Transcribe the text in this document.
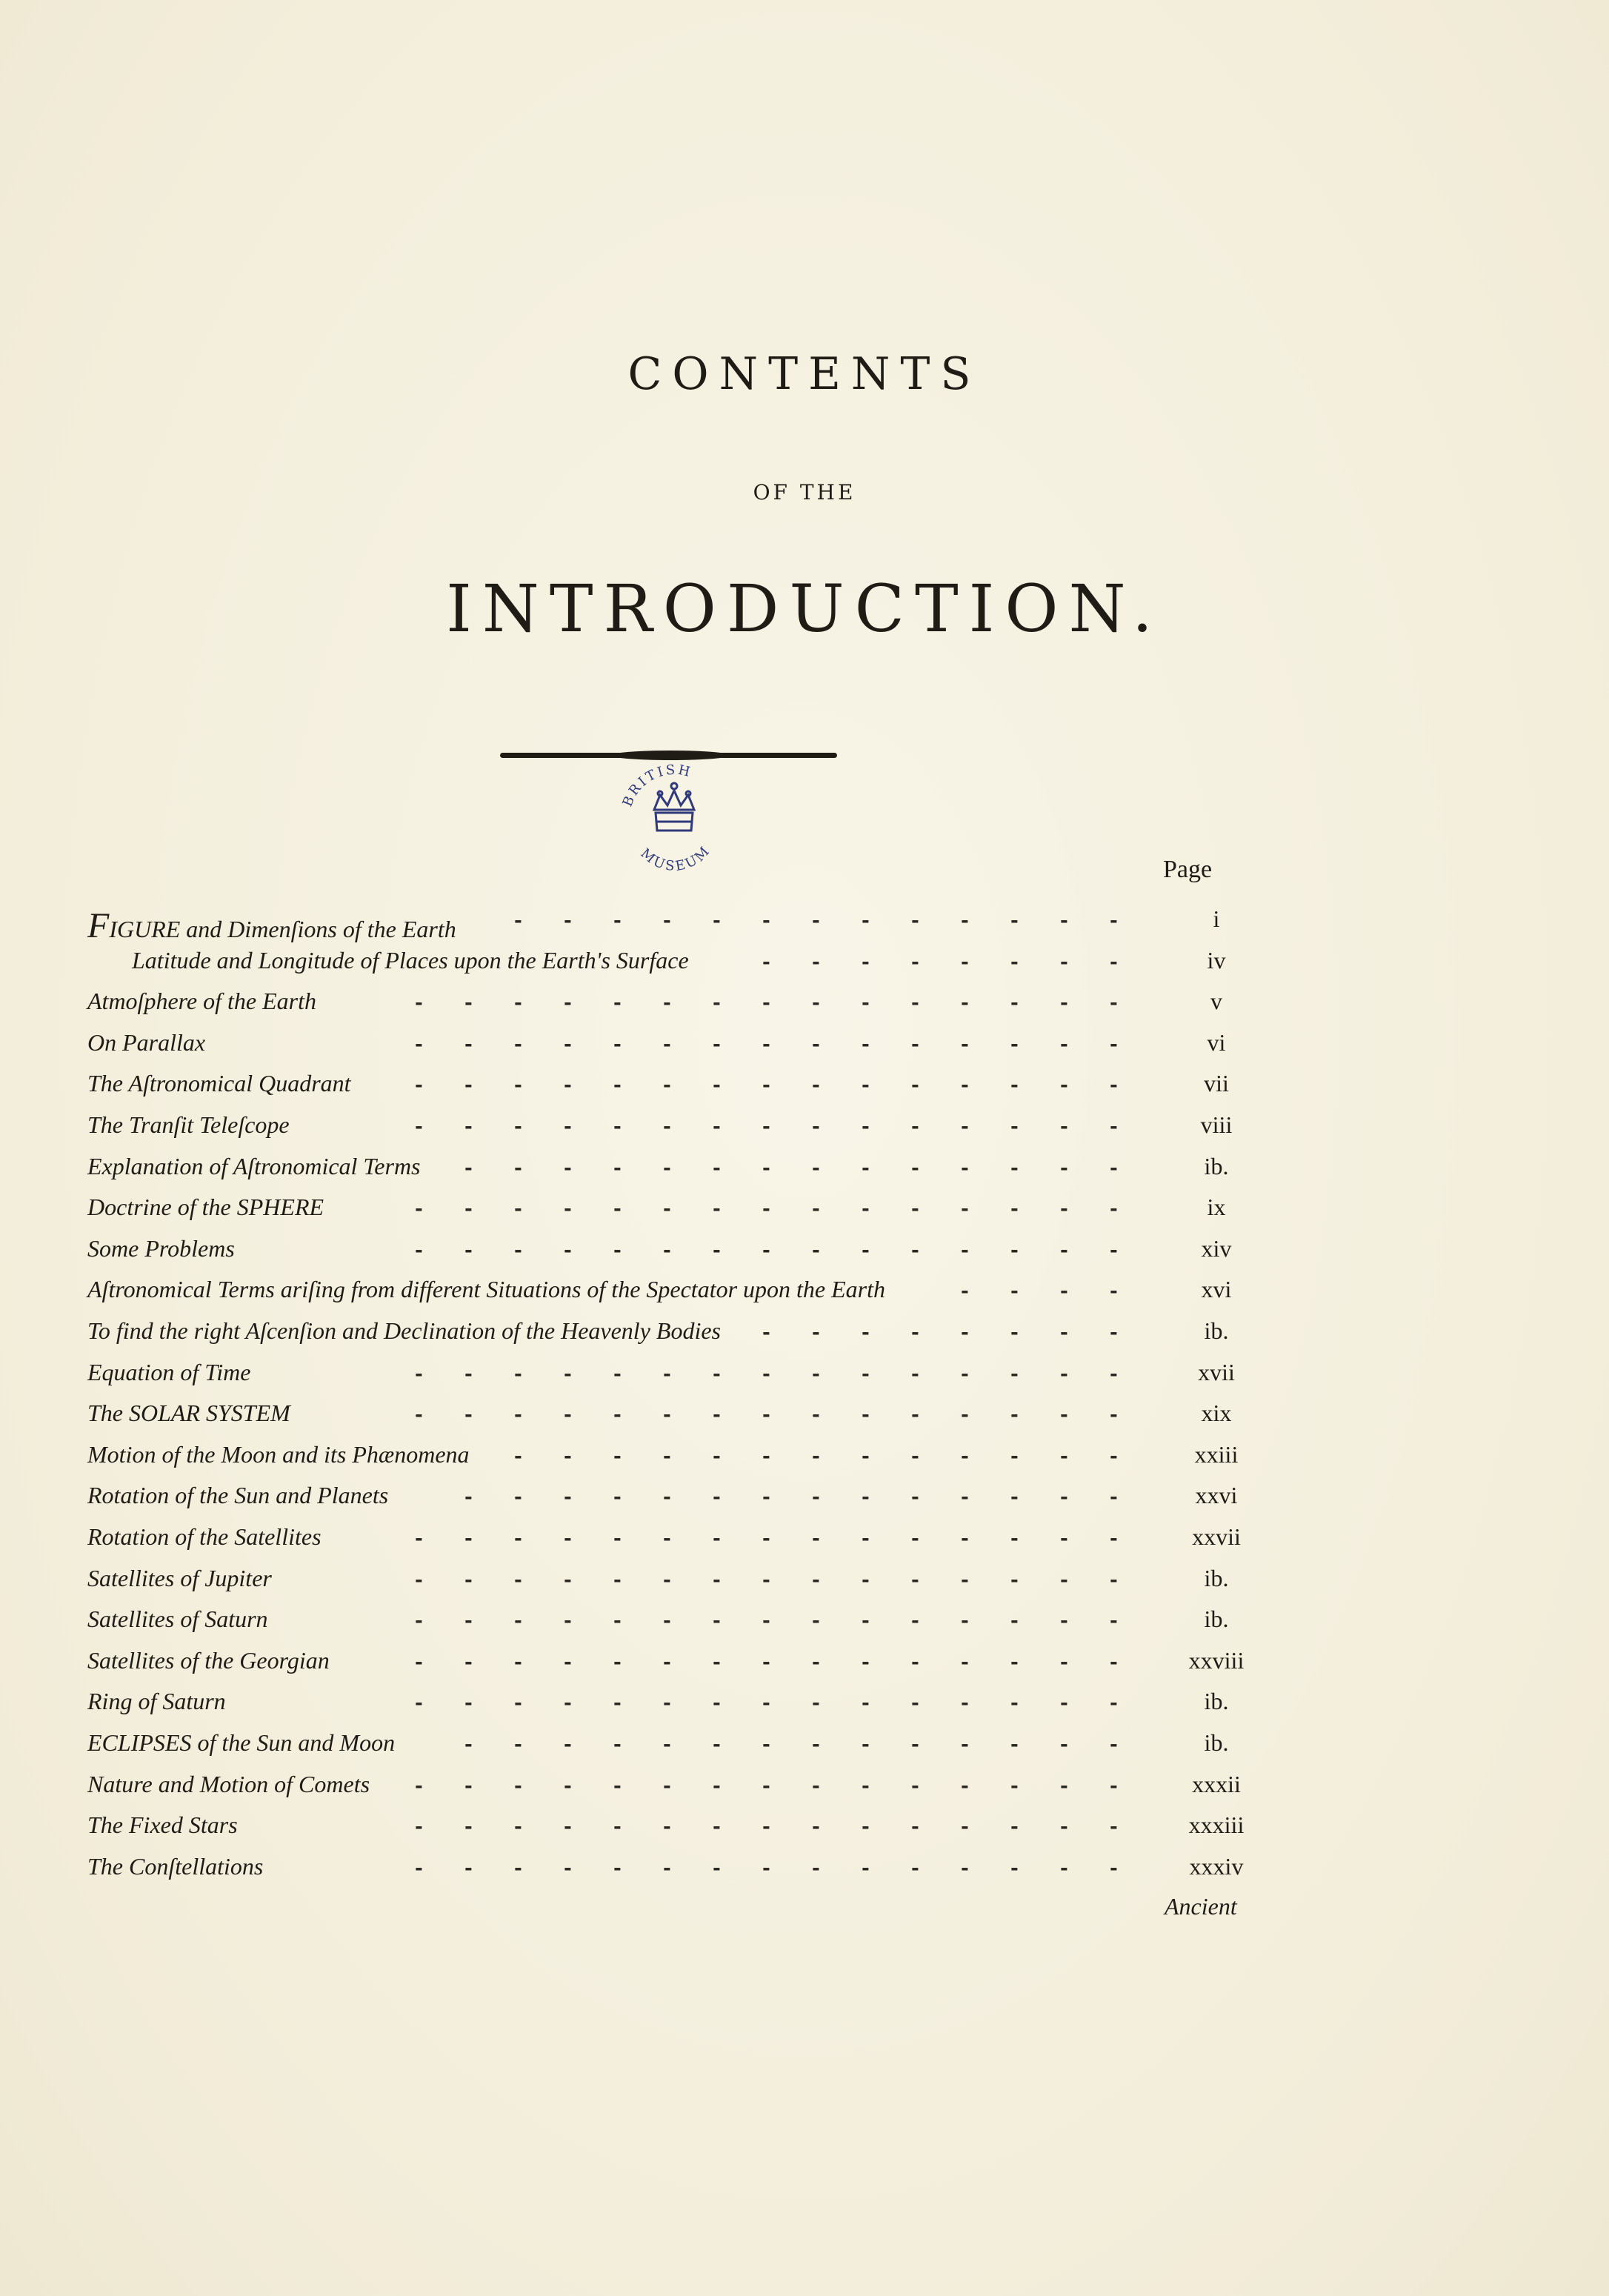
CONTENTS
OF THE
INTRODUCTION.
BRITISH
MUSEUM
Page
FIGURE and Dimenſions of the Earth	- - - - - - - - - - - - -	i
Latitude and Longitude of Places upon the Earth's Surface	- - - - - - - -	iv
Atmoſphere of the Earth	- - - - - - - - - - - - - - -	v
On Parallax	- - - - - - - - - - - - - - -	vi
The Aſtronomical Quadrant	- - - - - - - - - - - - - - -	vii
The Tranſit Teleſcope	- - - - - - - - - - - - - - -	viii
Explanation of Aſtronomical Terms - - - - - - - - - - - - - -	ib.
Doctrine of the SPHERE	- - - - - - - - - - - - - - -	ix
Some Problems	- - - - - - - - - - - - - - -	xiv
Aſtronomical Terms ariſing from different Situations of the Spectator upon the Earth	- - - -	xvi
To find the right Aſcenſion and Declination of the Heavenly Bodies - - - - - - - -	ib.
Equation of Time	- - - - - - - - - - - - - - -	xvii
The SOLAR SYSTEM	- - - - - - - - - - - - - - -	xix
Motion of the Moon and its Phænomena - - - - - - - - - - - - -	xxiii
Rotation of the Sun and Planets	- - - - - - - - - - - - - -	xxvi
Rotation of the Satellites	- - - - - - - - - - - - - - -	xxvii
Satellites of Jupiter	- - - - - - - - - - - - - - -	ib.
Satellites of Saturn	- - - - - - - - - - - - - - -	ib.
Satellites of the Georgian	- - - - - - - - - - - - - - -	xxviii
Ring of Saturn	- - - - - - - - - - - - - - -	ib.
ECLIPSES of the Sun and Moon	- - - - - - - - - - - - - -	ib.
Nature and Motion of Comets - - - - - - - - - - - - - - -	xxxii
The Fixed Stars	- - - - - - - - - - - - - - -	xxxiii
The Conſtellations	- - - - - - - - - - - - - - -	xxxiv
Ancient
